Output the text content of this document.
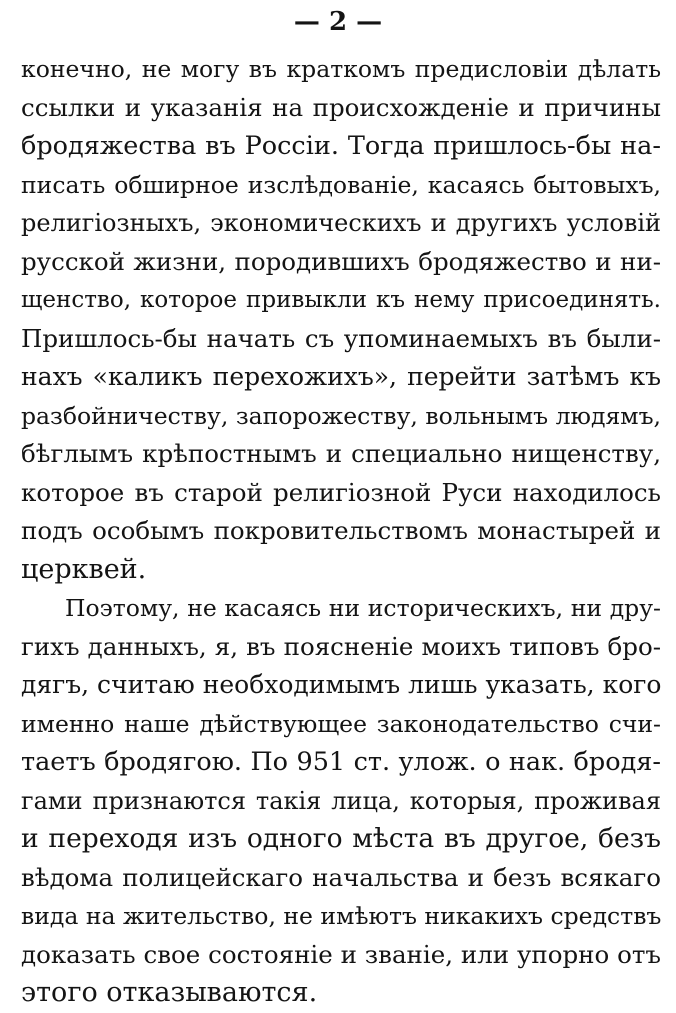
— 2 —
конечно, не могу въ краткомъ предисловіи дѣлать
ссылки и указанія на происхожденіе и причины
бродяжества въ Россіи. Тогда пришлось-бы на-
писать обширное изслѣдованіе, касаясь бытовыхъ,
религіозныхъ, экономическихъ и другихъ условій
русской жизни, породившихъ бродяжество и ни-
щенство, которое привыкли къ нему присоединять.
Пришлось-бы начать съ упоминаемыхъ въ были-
нахъ «каликъ перехожихъ», перейти затѣмъ къ
разбойничеству, запорожеству, вольнымъ людямъ,
бѣглымъ крѣпостнымъ и специально нищенству,
которое въ старой религіозной Руси находилось
подъ особымъ покровительствомъ монастырей и
церквей.
Поэтому, не касаясь ни историческихъ, ни дру-
гихъ данныхъ, я, въ поясненіе моихъ типовъ бро-
дягъ, считаю необходимымъ лишь указать, кого
именно наше дѣйствующее законодательство счи-
таетъ бродягою. По 951 ст. улож. о нак. бродя-
гами признаются такія лица, которыя, проживая
и переходя изъ одного мѣста въ другое, безъ
вѣдома полицейскаго начальства и безъ всякаго
вида на жительство, не имѣютъ никакихъ средствъ
доказать свое состояніе и званіе, или упорно отъ
этого отказываются.
